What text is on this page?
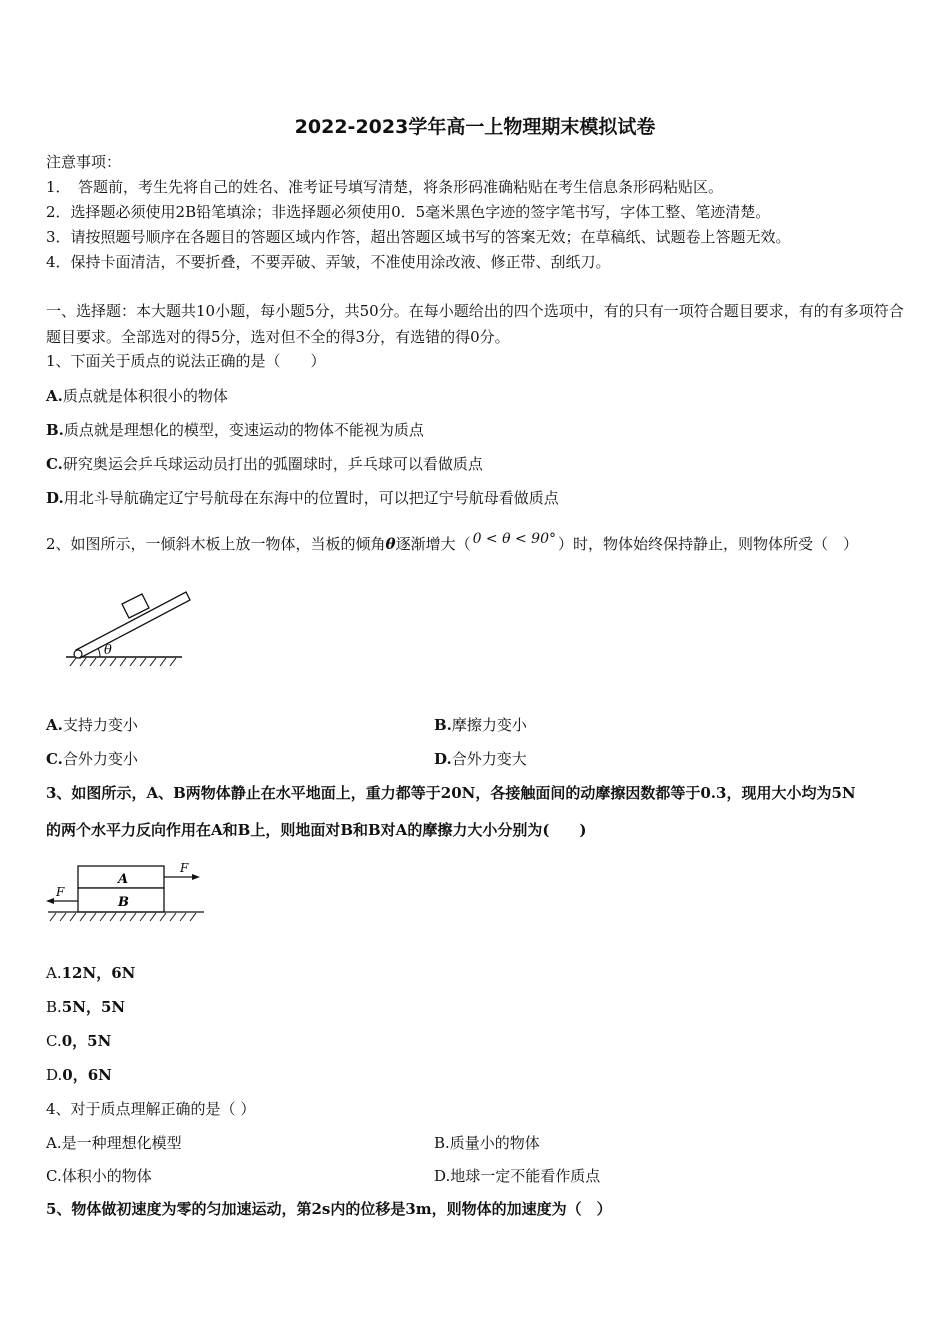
2022-2023学年高一上物理期末模拟试卷
注意事项：
1．　答题前，考生先将自己的姓名、准考证号填写清楚，将条形码准确粘贴在考生信息条形码粘贴区。
2．选择题必须使用2B铅笔填涂；非选择题必须使用0．5毫米黑色字迹的签字笔书写，字体工整、笔迹清楚。
3．请按照题号顺序在各题目的答题区域内作答，超出答题区域书写的答案无效；在草稿纸、试题卷上答题无效。
4．保持卡面清洁，不要折叠，不要弄破、弄皱，不准使用涂改液、修正带、刮纸刀。
一、选择题：本大题共10小题，每小题5分，共50分。在每小题给出的四个选项中，有的只有一项符合题目要求，有的有多项符合题目要求。全部选对的得5分，选对但不全的得3分，有选错的得0分。
1、下面关于质点的说法正确的是（　　）
A.质点就是体积很小的物体
B.质点就是理想化的模型，变速运动的物体不能视为质点
C.研究奥运会乒乓球运动员打出的弧圈球时，乒乓球可以看做质点
D.用北斗导航确定辽宁号航母在东海中的位置时，可以把辽宁号航母看做质点
2、如图所示，一倾斜木板上放一物体，当板的倾角θ逐渐增大（ 0 < θ < 90° ）时，物体始终保持静止，则物体所受（　）
θ
A.支持力变小	B.摩擦力变小
C.合外力变小	D.合外力变大
3、如图所示，A、B两物体静止在水平地面上，重力都等于20N，各接触面间的动摩擦因数都等于0.3，现用大小均为5N
的两个水平力反向作用在A和B上，则地面对B和B对A的摩擦力大小分别为(　　)
A
B
F
F
A.12N，6N
B.5N，5N
C.0，5N
D.0，6N
4、对于质点理解正确的是（ ）
A.是一种理想化模型	B.质量小的物体
C.体积小的物体	D.地球一定不能看作质点
5、物体做初速度为零的匀加速运动，第2s内的位移是3m，则物体的加速度为（　）
